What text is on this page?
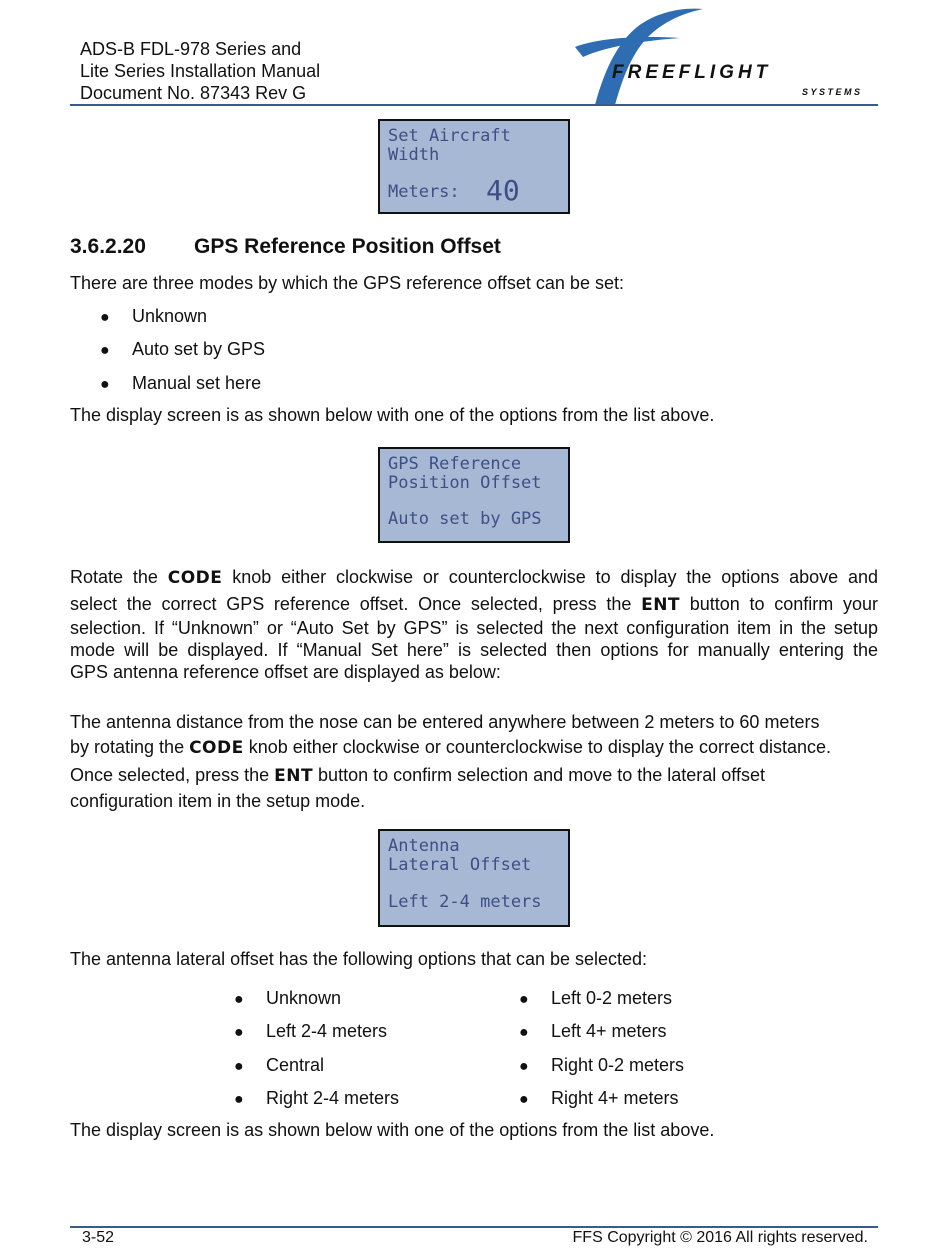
ADS-B FDL-978 Series and
Lite Series Installation Manual
Document No. 87343 Rev G
FREEFLIGHT
SYSTEMS
Set Aircraft
Width
Meters: 40
3.6.2.20 GPS Reference Position Offset
There are three modes by which the GPS reference offset can be set:
● Unknown
● Auto set by GPS
● Manual set here
The display screen is as shown below with one of the options from the list above.
GPS Reference
Position Offset
Auto set by GPS
Rotate the CODE knob either clockwise or counterclockwise to display the options above and
select the correct GPS reference offset. Once selected, press the ENT button to confirm your
selection. If “Unknown” or “Auto Set by GPS” is selected the next configuration item in the setup
mode will be displayed. If “Manual Set here” is selected then options for manually entering the
GPS antenna reference offset are displayed as below:
The antenna distance from the nose can be entered anywhere between 2 meters to 60 meters
by rotating the CODE knob either clockwise or counterclockwise to display the correct distance.
Once selected, press the ENT button to confirm selection and move to the lateral offset
configuration item in the setup mode.
Antenna
Lateral Offset
Left 2-4 meters
The antenna lateral offset has the following options that can be selected:
● Unknown
● Left 2-4 meters
● Central
● Right 2-4 meters
● Left 0-2 meters
● Left 4+ meters
● Right 0-2 meters
● Right 4+ meters
The display screen is as shown below with one of the options from the list above.
3-52	FFS Copyright © 2016 All rights reserved.
